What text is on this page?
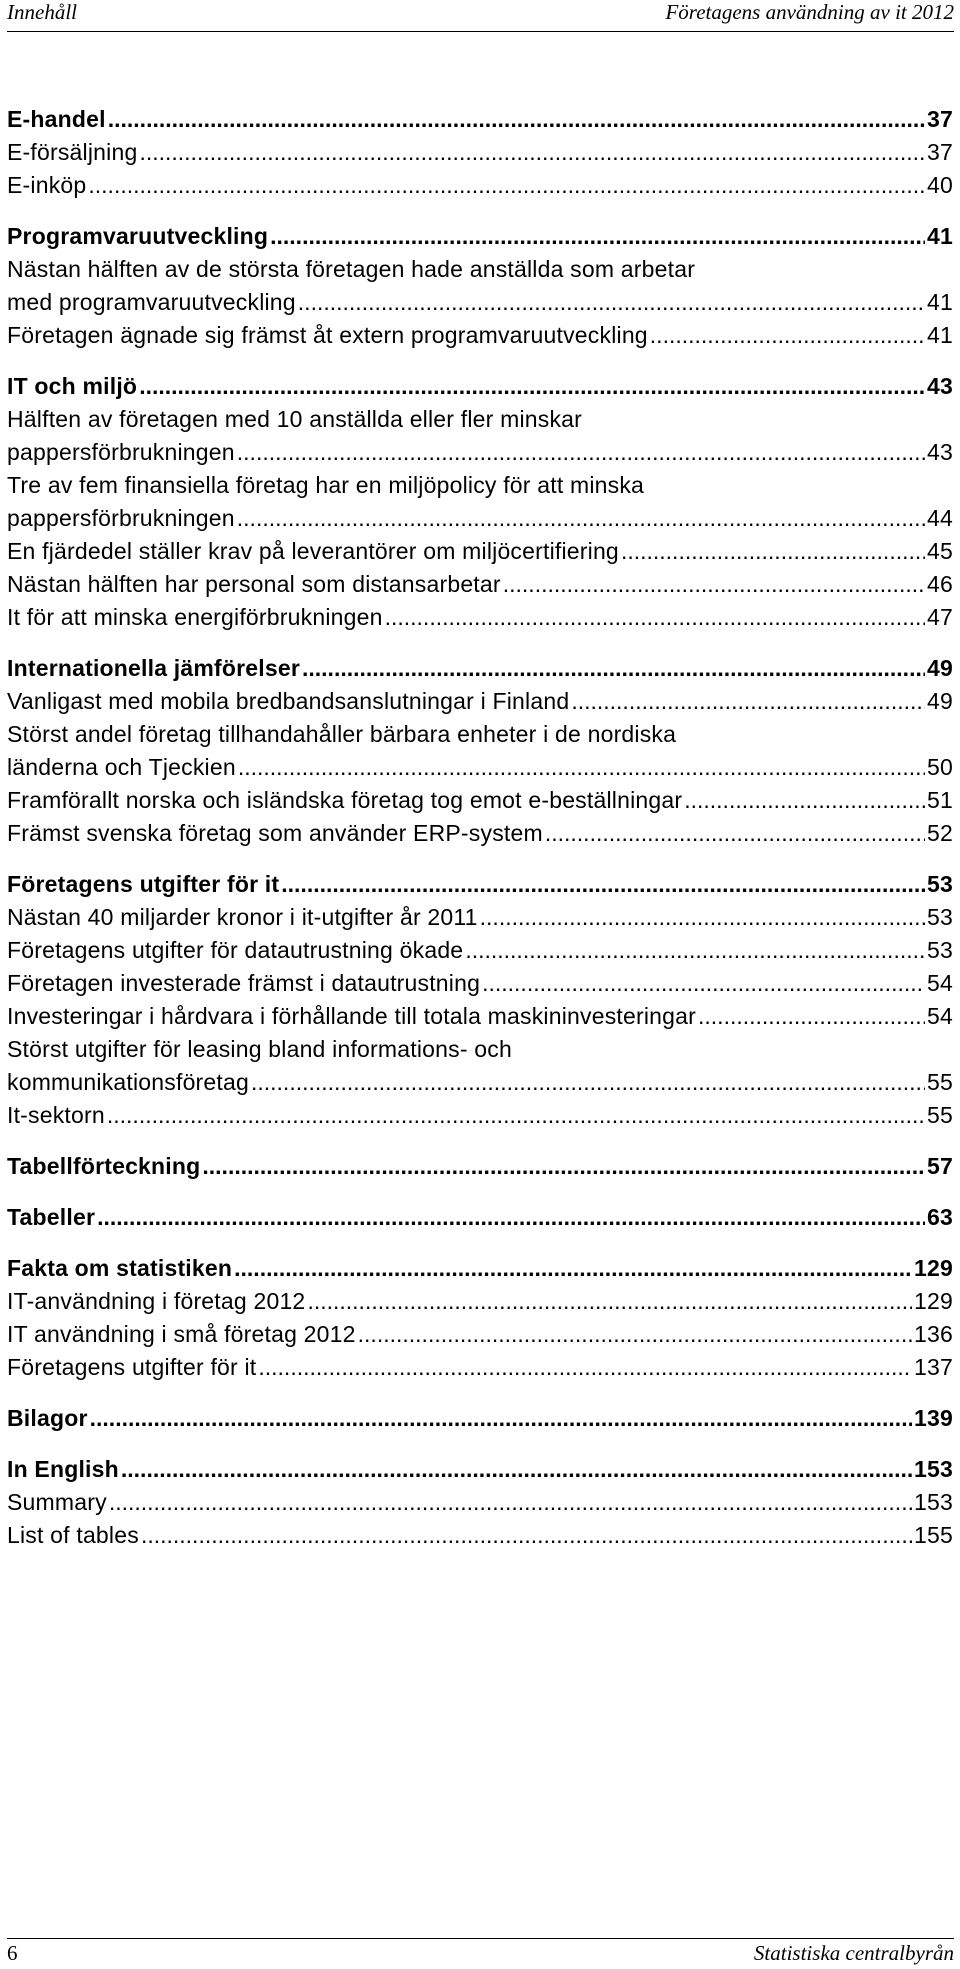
Innehåll	Företagens användning av it 2012
E-handel .....	37
E-försäljning .....	37
E-inköp .....	40
Programvaruutveckling .....	41
Nästan hälften av de största företagen hade anställda som arbetar
med programvaruutveckling .....	41
Företagen ägnade sig främst åt extern programvaruutveckling .....	41
IT och miljö .....	43
Hälften av företagen med 10 anställda eller fler minskar
pappersförbrukningen .....	43
Tre av fem finansiella företag har en miljöpolicy för att minska
pappersförbrukningen .....	44
En fjärdedel ställer krav på leverantörer om miljöcertifiering .....	45
Nästan hälften har personal som distansarbetar .....	46
It för att minska energiförbrukningen .....	47
Internationella jämförelser .....	49
Vanligast med mobila bredbandsanslutningar i Finland .....	49
Störst andel företag tillhandahåller bärbara enheter i de nordiska
länderna och Tjeckien .....	50
Framförallt norska och isländska företag tog emot e-beställningar .....	51
Främst svenska företag som använder ERP-system .....	52
Företagens utgifter för it .....	53
Nästan 40 miljarder kronor i it-utgifter år 2011 .....	53
Företagens utgifter för datautrustning ökade .....	53
Företagen investerade främst i datautrustning .....	54
Investeringar i hårdvara i förhållande till totala maskininvesteringar .....	54
Störst utgifter för leasing bland informations- och
kommunikationsföretag .....	55
It-sektorn .....	55
Tabellförteckning .....	57
Tabeller .....	63
Fakta om statistiken .....	129
IT-användning i företag 2012 .....	129
IT användning i små företag 2012 .....	136
Företagens utgifter för it .....	137
Bilagor .....	139
In English .....	153
Summary .....	153
List of tables .....	155
6	Statistiska centralbyrån
